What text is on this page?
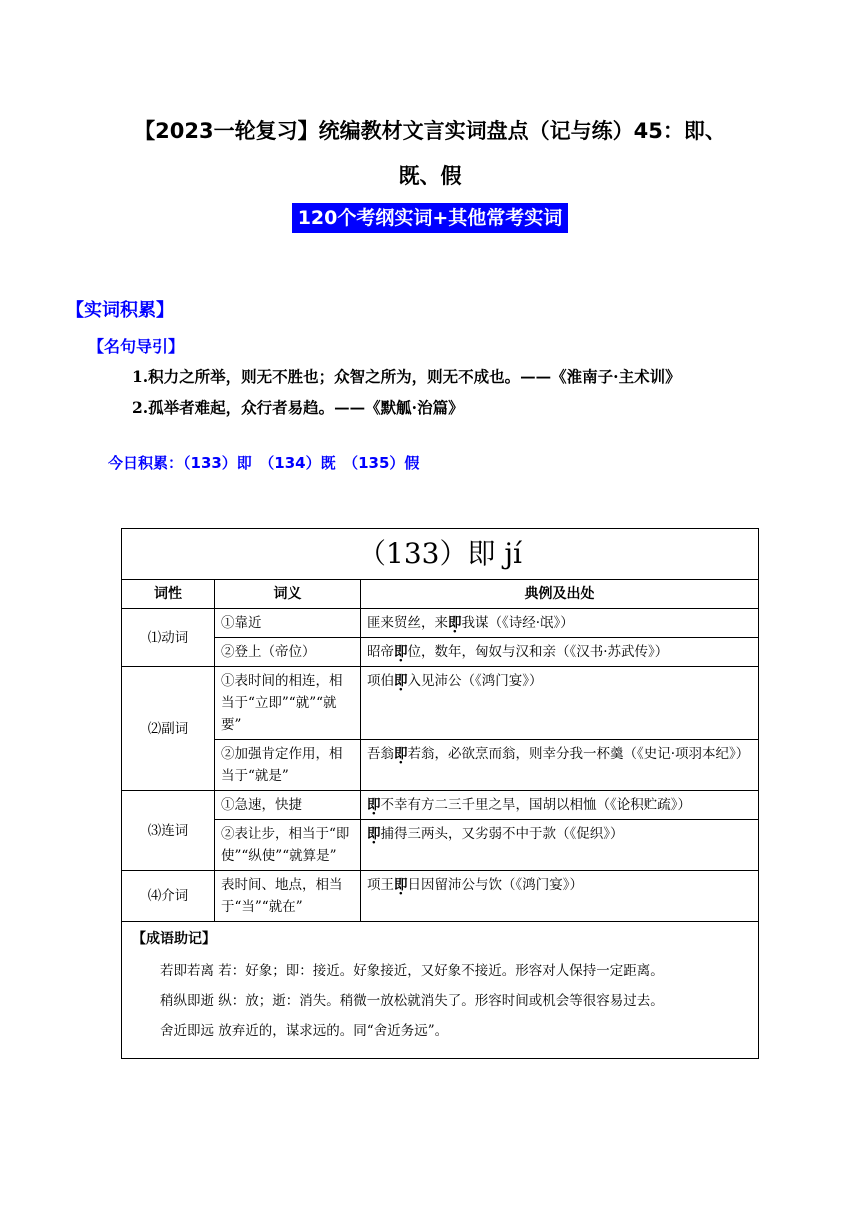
【2023一轮复习】统编教材文言实词盘点（记与练）45：即、
既、假
120个考纲实词+其他常考实词
【实词积累】
【名句导引】
1.积力之所举，则无不胜也；众智之所为，则无不成也。——《淮南子·主术训》
2.孤举者难起，众行者易趋。——《默觚·治篇》
今日积累：（133）即　（134）既　（135）假
（133）即 jí		
词性	词义	典例及出处
⑴动词	①靠近	匪来贸丝，来即我谋（《诗经·氓》）
	②登上（帝位）	昭帝即位，数年，匈奴与汉和亲（《汉书·苏武传》）
⑵副词	①表时间的相连，相当于“立即”“就”“就要”	项伯即入见沛公（《鸿门宴》）
	②加强肯定作用，相当于“就是”	吾翁即若翁，必欲烹而翁，则幸分我一杯羹（《史记·项羽本纪》）
⑶连词	①急速，快捷	即不幸有方二三千里之旱，国胡以相恤（《论积贮疏》）
	②表让步，相当于“即使”“纵使”“就算是”	即捕得三两头，又劣弱不中于款（《促织》）
⑷介词	表时间、地点，相当于“当”“就在”	项王即日因留沛公与饮（《鸿门宴》）

【成语助记】
若即若离 若：好象；即：接近。好象接近，又好象不接近。形容对人保持一定距离。
稍纵即逝 纵：放；逝：消失。稍微一放松就消失了。形容时间或机会等很容易过去。
舍近即远 放弃近的，谋求远的。同“舍近务远”。		
